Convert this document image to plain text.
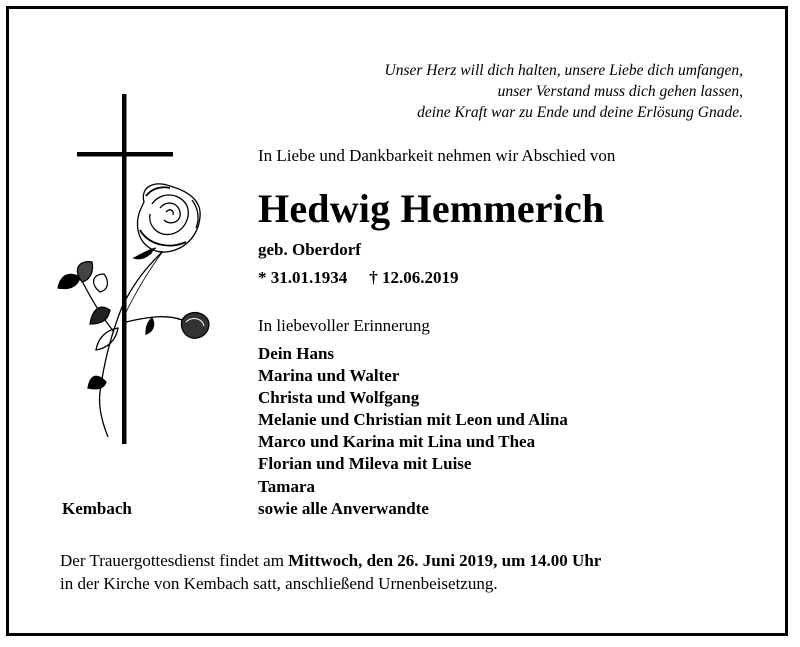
Unser Herz will dich halten, unsere Liebe dich umfangen,
unser Verstand muss dich gehen lassen,
deine Kraft war zu Ende und deine Erlösung Gnade.
In Liebe und Dankbarkeit nehmen wir Abschied von
Hedwig Hemmerich
geb. Oberdorf
* 31.01.1934 † 12.06.2019
In liebevoller Erinnerung
Dein Hans
Marina und Walter
Christa und Wolfgang
Melanie und Christian mit Leon und Alina
Marco und Karina mit Lina und Thea
Florian und Mileva mit Luise
Tamara
sowie alle Anverwandte
Kembach
Der Trauergottesdienst findet am Mittwoch, den 26. Juni 2019, um 14.00 Uhr
in der Kirche von Kembach satt, anschließend Urnenbeisetzung.
